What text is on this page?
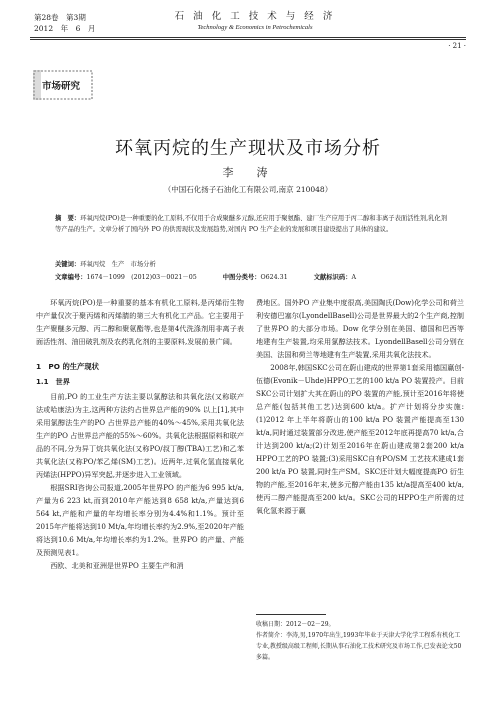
第28卷　第3期
2012　年　6　月
石 油 化 工 技 术 与 经 济
Technology & Economics in Petrochemicals
· 21 ·
市场研究
环氧丙烷的生产现状及市场分析
李　涛
（中国石化扬子石油化工有限公司,南京 210048）
摘　要：环氧丙烷(PO)是一种重要的化工原料,不仅用于合成聚醚多元醇,还应用于聚氨酯、建厂生产应用于丙二醇和非离子表面活性剂,乳化剂等产品的生产。文章分析了国内外 PO 的供需现状及发展趋势,对国内 PO 生产企业的发展和项目建设提出了具体的建议。
关键词：环氧丙烷　生产　市场分析
文章编号：1674－1099　(2012)03－0021－05	中图分类号：O624.31	文献标识码：A

环氧丙烷(PO)是一种重要的基本有机化工原料,是丙烯衍生物中产量仅次于聚丙烯和丙烯腈的第三大有机化工产品。它主要用于生产聚醚多元醇、丙二醇和聚氨酯等,也是第4代洗涤剂用非离子表面活性剂、油田破乳剂及农药乳化剂的主要原料,发展前景广阔。

1　PO 的生产现状

1.1　世界

目前,PO 的工业生产方法主要以氯醇法和共氧化法(又称联产法或哈康法)为主,这两种方法约占世界总产能的90% 以上[1],其中采用氯醇法生产的PO 占世界总产能的40%～45%,采用共氧化法生产的PO 占世界总产能的55%～60%。共氧化法根据原料和联产品的不同,分为异丁烷共氧化法(又称PO/叔丁醇(TBA)工艺)和乙苯共氧化法(又称PO/苯乙烯(SM)工艺)。近两年,过氧化氢直接氧化丙烯法(HPPO)异军突起,并逐步进入工业领域。

根据SRI咨询公司报道,2005年世界PO 的产能为6 995 kt/a,产量为6 223 kt,而到2010年产能达到8 658 kt/a,产量达到6 564 kt,产能和产量的年均增长率分别为4.4%和1.1%。预计至2015年产能将达到10 Mt/a,年均增长率约为2.9%,至2020年产能将达到10.6 Mt/a,年均增长率约为1.2%。世界PO 的产量、产能及预测见表1。

西欧、北美和亚洲是世界PO 主要生产和消

费地区。国外PO 产业集中度很高,美国陶氏(Dow)化学公司和荷兰利安德巴塞尔(LyondellBasell)公司是世界最大的2个生产商,控制了世界PO 的大部分市场。Dow 化学分别在美国、德国和巴西等地建有生产装置,均采用氯醇法技术。LyondellBasell公司分别在美国、法国和荷兰等地建有生产装置,采用共氧化法技术。

2008年,韩国SKC公司在蔚山建成的世界第1套采用德国赢创-伍德(Evonik－Uhde)HPPO工艺的100 kt/a PO 装置投产。目前SKC公司计划扩大其在蔚山的PO 装置的产能,预计至2016年将使总产能(包括其他工艺)达到600 kt/a。扩产计划将分步实施:(1)2012 年上半年将蔚山的100 kt/a PO 装置产能提高至130 kt/a,同时通过装置部分改进,使产能至2012年底再提高70 kt/a,合计达到200 kt/a;(2)计划至2016年在蔚山建成第2套200 kt/a HPPO工艺的PO 装置;(3)采用SKC自有PO/SM 工艺技术建成1套200 kt/a PO 装置,同时生产SM。SKC还计划大幅度提高PO 衍生物的产能,至2016年末,使多元醇产能由135 kt/a提高至400 kt/a,使丙二醇产能提高至200 kt/a。SKC公司的HPPO生产所需的过氧化氢来源于赢

收稿日期：2012－02－29。
作者简介：李涛,男,1970年出生,1993年毕业于天津大学化学工程系有机化工专业,教授级高级工程师,长期从事石油化工技术研究及市场工作,已发表论文50多篇。
